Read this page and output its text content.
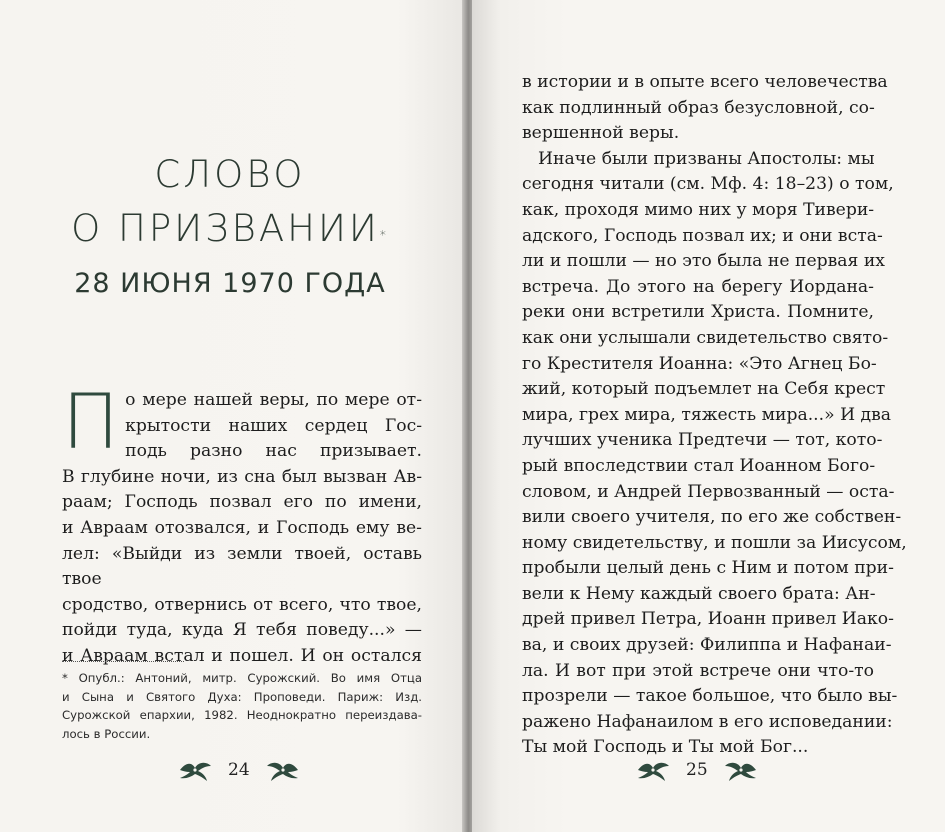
СЛОВО
О ПРИЗВАНИИ*
28 ИЮНЯ 1970 ГОДА
П о мере нашей веры, по мере от-
крытости наших сердец Гос-
подь разно нас призывает.
В глубине ночи, из сна был вызван Ав-
раам; Господь позвал его по имени,
и Авраам отозвался, и Господь ему ве-
лел: «Выйди из земли твоей, оставь твое
сродство, отвернись от всего, что твое,
пойди туда, куда Я тебя поведу...» —
и Авраам встал и пошел. И он остался
* Опубл.: Антоний, митр. Сурожский. Во имя Отца
и Сына и Святого Духа: Проповеди. Париж: Изд.
Сурожской епархии, 1982. Неоднократно переиздава-
лось в России.
24
в истории и в опыте всего человечества
как подлинный образ безусловной, со-
вершенной веры.
Иначе были призваны Апостолы: мы
сегодня читали (см. Мф. 4: 18–23) о том,
как, проходя мимо них у моря Тивери-
адского, Господь позвал их; и они вста-
ли и пошли — но это была не первая их
встреча. До этого на берегу Иордана-
реки они встретили Христа. Помните,
как они услышали свидетельство свято-
го Крестителя Иоанна: «Это Агнец Бо-
жий, который подъемлет на Себя крест
мира, грех мира, тяжесть мира...» И два
лучших ученика Предтечи — тот, кото-
рый впоследствии стал Иоанном Бого-
словом, и Андрей Первозванный — оста-
вили своего учителя, по его же собствен-
ному свидетельству, и пошли за Иисусом,
пробыли целый день с Ним и потом при-
вели к Нему каждый своего брата: Ан-
дрей привел Петра, Иоанн привел Иако-
ва, и своих друзей: Филиппа и Нафанаи-
ла. И вот при этой встрече они что-то
прозрели — такое большое, что было вы-
ражено Нафанаилом в его исповедании:
Ты мой Господь и Ты мой Бог...
25
